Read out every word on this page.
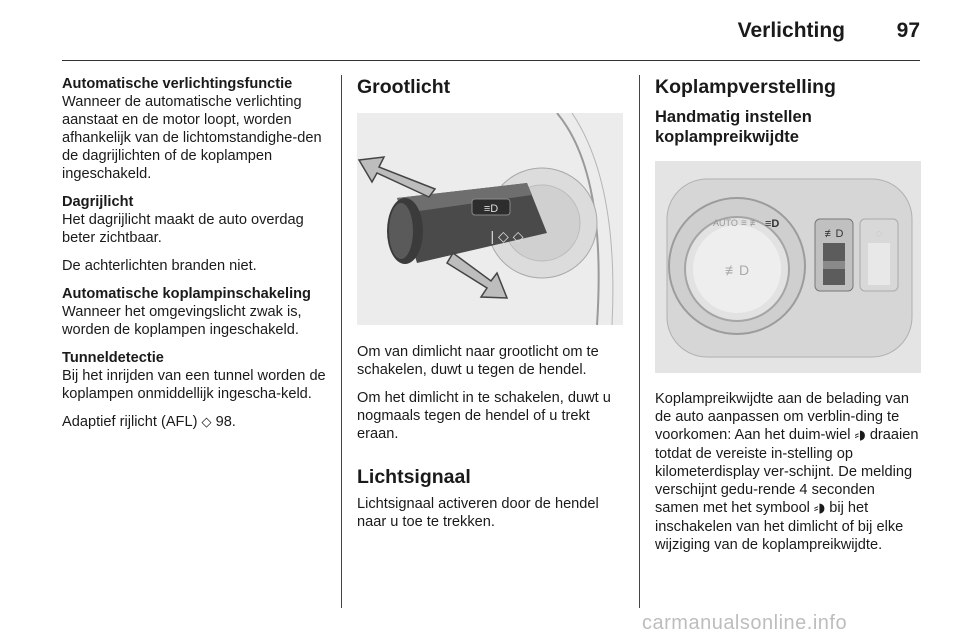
Verlichting 97

Automatische verlichtingsfunctie

Wanneer de automatische verlichting aanstaat en de motor loopt, worden afhankelijk van de lichtomstandighe-den de dagrijlichten of de koplampen ingeschakeld.

Dagrijlicht

Het dagrijlicht maakt de auto overdag beter zichtbaar.

De achterlichten branden niet.

Automatische koplampinschakeling

Wanneer het omgevingslicht zwak is, worden de koplampen ingeschakeld.

Tunneldetectie

Bij het inrijden van een tunnel worden de koplampen onmiddellijk ingescha-keld.

Adaptief rijlicht (AFL) ◇ 98.

Grootlicht

≡D
| ◇ ◇

Om van dimlicht naar grootlicht om te schakelen, duwt u tegen de hendel.

Om het dimlicht in te schakelen, duwt u nogmaals tegen de hendel of u trekt eraan.

Lichtsignaal

Lichtsignaal activeren door de hendel naar u toe te trekken.

Koplampverstelling

Handmatig instellen

koplampreikwijdte

AUTO ≡ ≢ ≡D
≢D
≢D	◌

Koplampreikwijdte aan de belading van de auto aanpassen om verblin-ding te voorkomen: Aan het duim-wiel ⸗◗ draaien totdat de vereiste in-stelling op kilometerdisplay ver-schijnt. De melding verschijnt gedu-rende 4 seconden samen met het symbool ⸗◗ bij het inschakelen van het dimlicht of bij elke wijziging van de koplampreikwijdte.

carmanualsonline.info
